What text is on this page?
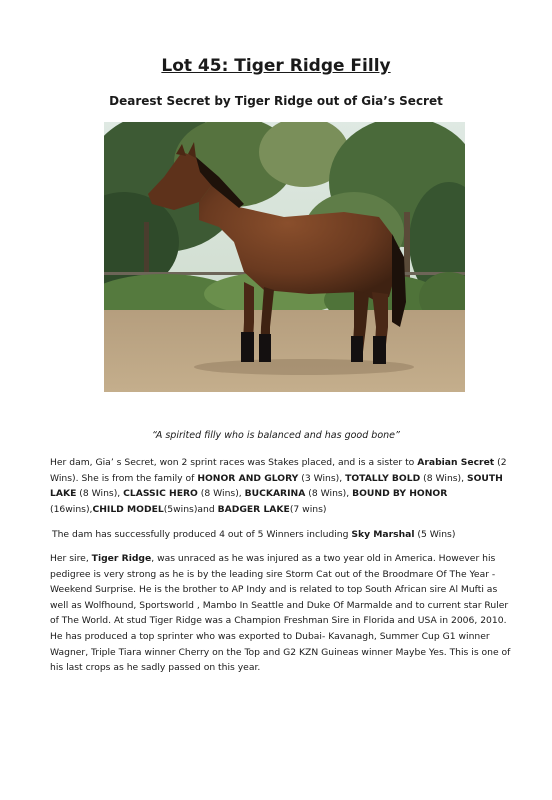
Lot 45: Tiger Ridge Filly
Dearest Secret by Tiger Ridge out of Gia’s Secret
“A spirited filly who is balanced and has good bone”
Her dam, Gia’ s Secret, won 2 sprint races was Stakes placed, and is a sister to Arabian Secret (2 Wins). She is from the family of HONOR AND GLORY (3 Wins), TOTALLY BOLD (8 Wins), SOUTH LAKE (8 Wins), CLASSIC HERO (8 Wins), BUCKARINA (8 Wins), BOUND BY HONOR (16wins),CHILD MODEL(5wins)and BADGER LAKE(7 wins)
The dam has successfully produced 4 out of 5 Winners including Sky Marshal (5 Wins)
Her sire, Tiger Ridge, was unraced as he was injured as a two year old in America. However his pedigree is very strong as he is by the leading sire Storm Cat out of the Broodmare Of The Year - Weekend Surprise. He is the brother to AP Indy and is related to top South African sire Al Mufti as well as Wolfhound, Sportsworld , Mambo In Seattle and Duke Of Marmalde and to current star Ruler of The World. At stud Tiger Ridge was a Champion Freshman Sire in Florida and USA in 2006, 2010. He has produced a top sprinter who was exported to Dubai- Kavanagh, Summer Cup G1 winner Wagner, Triple Tiara winner Cherry on the Top and G2 KZN Guineas winner Maybe Yes. This is one of his last crops as he sadly passed on this year.
